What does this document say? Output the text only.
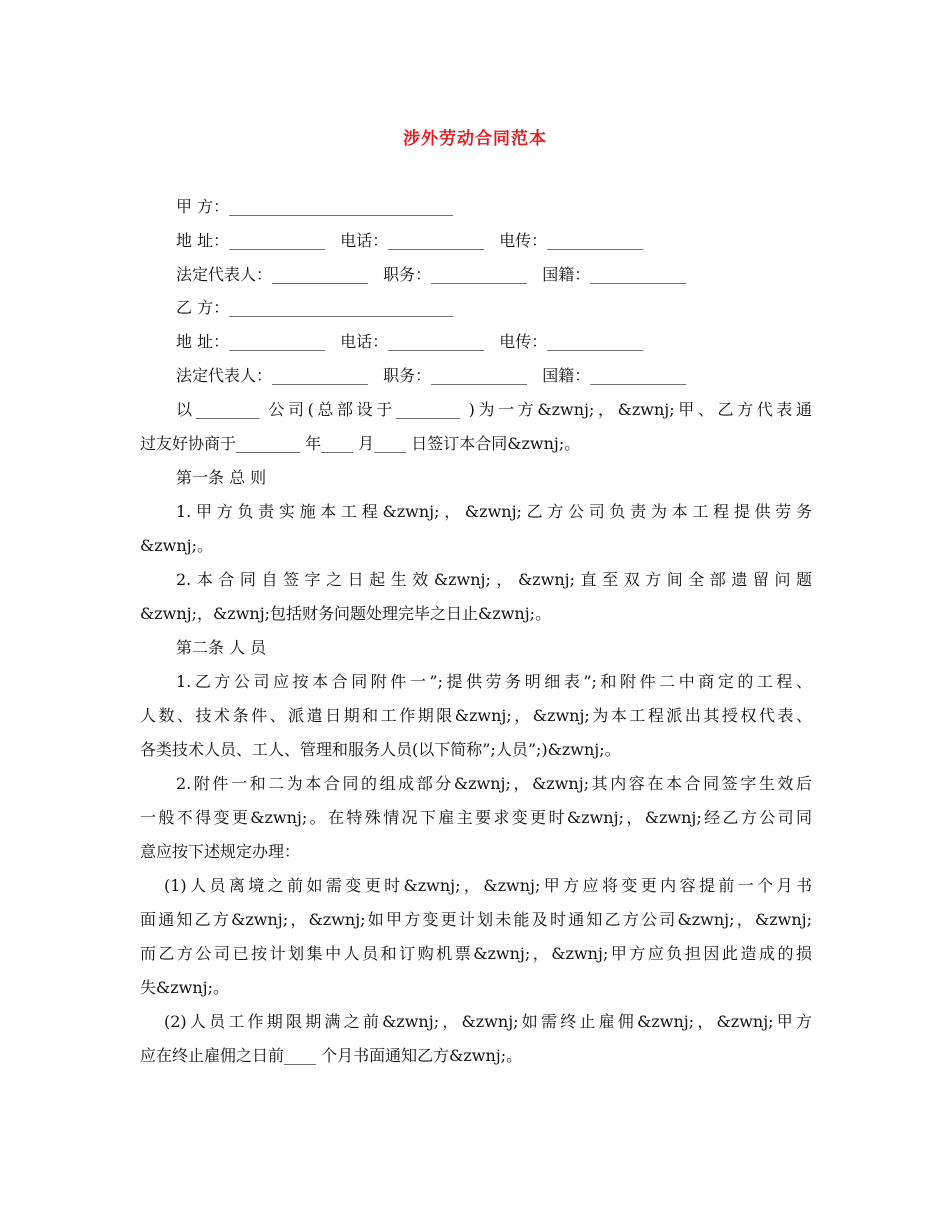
涉外劳动合同范本
甲 方：____________________________
地 址：____________ 电话：____________ 电传：____________
法定代表人：____________ 职务：____________ 国籍：____________
乙 方：____________________________
地 址：____________ 电话：____________ 电传：____________
法定代表人：____________ 职务：____________ 国籍：____________
以________ 公司(总部设于________ )为一方&zwnj;，&zwnj;甲、乙方代表通
过友好协商于________ 年____ 月____ 日签订本合同&zwnj;。
第一条 总 则
1.甲方负责实施本工程&zwnj;，&zwnj;乙方公司负责为本工程提供劳务
&zwnj;。
2.本合同自签字之日起生效&zwnj;，&zwnj;直至双方间全部遗留问题
&zwnj;，&zwnj;包括财务问题处理完毕之日止&zwnj;。
第二条 人 员
1.乙方公司应按本合同附件一”;提供劳务明细表”;和附件二中商定的工程、
人数、技术条件、派遣日期和工作期限&zwnj;，&zwnj;为本工程派出其授权代表、
各类技术人员、工人、管理和服务人员(以下简称”;人员”;)&zwnj;。
2.附件一和二为本合同的组成部分&zwnj;，&zwnj;其内容在本合同签字生效后
一般不得变更&zwnj;。在特殊情况下雇主要求变更时&zwnj;，&zwnj;经乙方公司同
意应按下述规定办理：
(1)人员离境之前如需变更时&zwnj;，&zwnj;甲方应将变更内容提前一个月书
面通知乙方&zwnj;，&zwnj;如甲方变更计划未能及时通知乙方公司&zwnj;，&zwnj;
而乙方公司已按计划集中人员和订购机票&zwnj;，&zwnj;甲方应负担因此造成的损
失&zwnj;。
(2)人员工作期限期满之前&zwnj;，&zwnj;如需终止雇佣&zwnj;，&zwnj;甲方
应在终止雇佣之日前____ 个月书面通知乙方&zwnj;。
